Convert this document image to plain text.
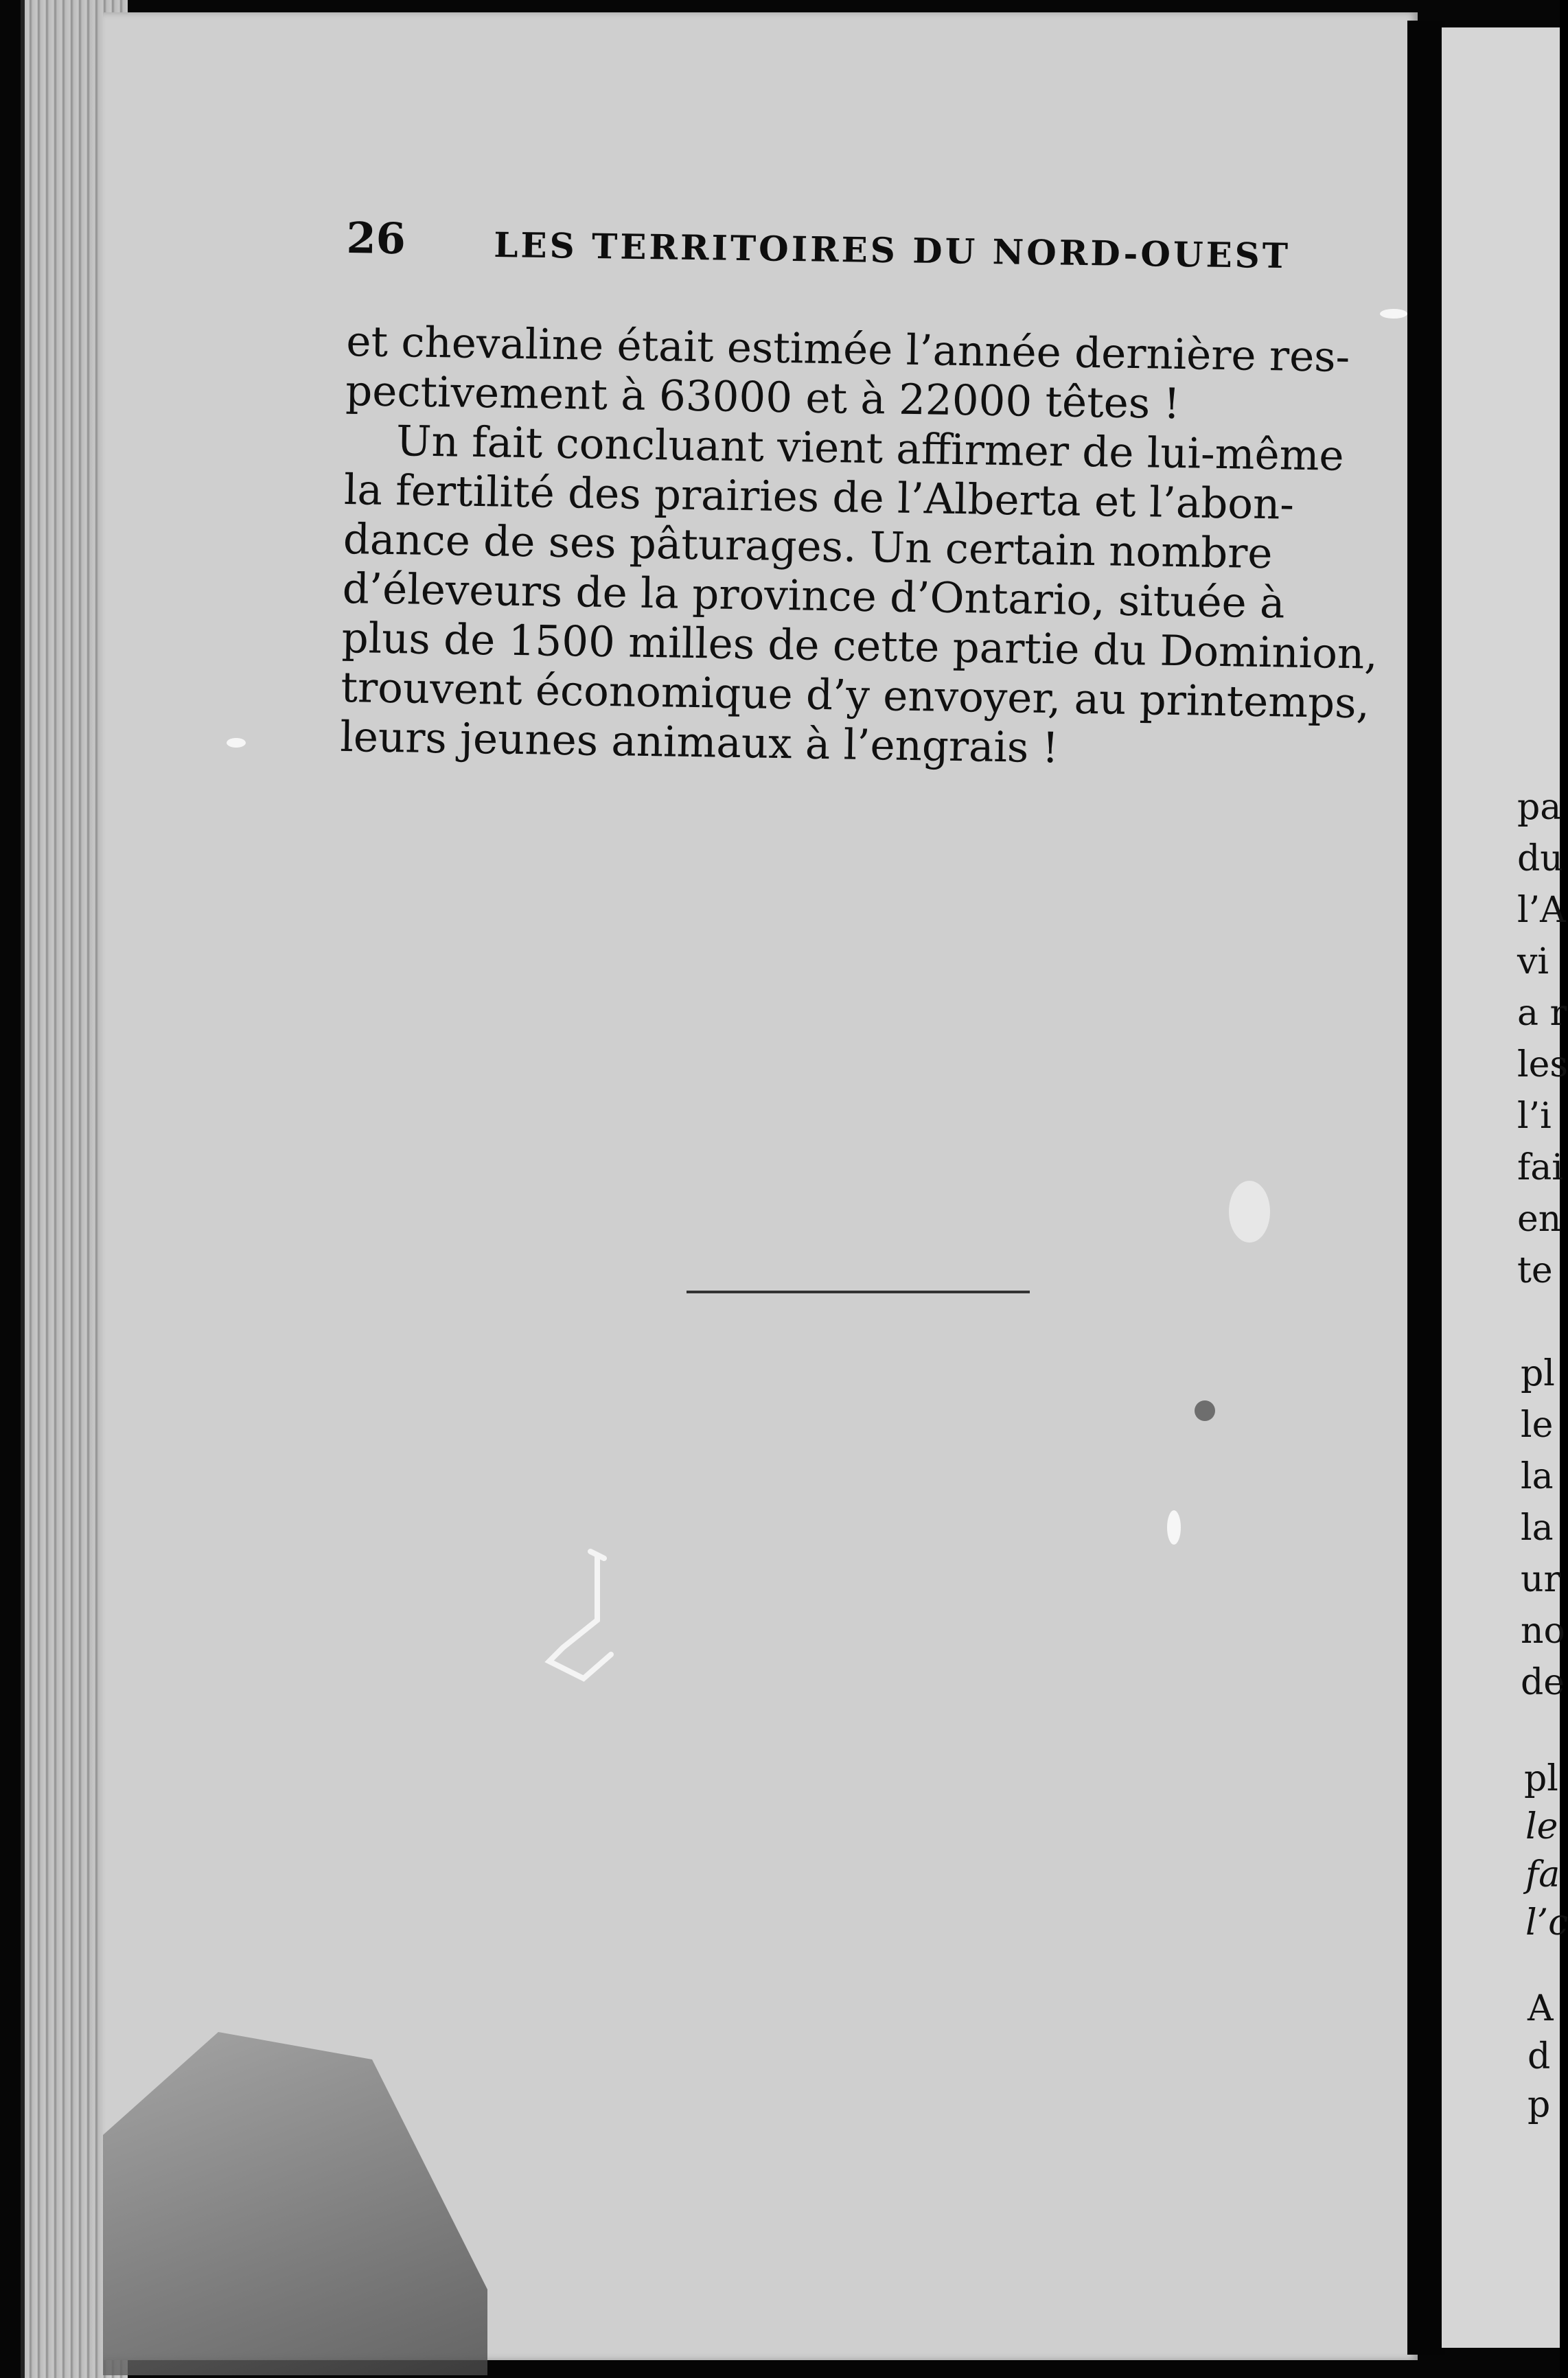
26	LES TERRITOIRES DU NORD-OUEST
et chevaline était estimée l’année dernière res-
pectivement à 63000 et à 22000 têtes !
Un fait concluant vient affirmer de lui-même
la fertilité des prairies de l’Alberta et l’abon-
dance de ses pâturages. Un certain nombre
d’éleveurs de la province d’Ontario, située à
plus de 1500 milles de cette partie du Dominion,
trouvent économique d’y envoyer, au printemps,
leurs jeunes animaux à l’engrais !
pa
du
l’A
vi
a r
les
l’i
fai
en
te
pl
le
la
la
ur
no
de
pl
le
fa
l’c
A
d
p
